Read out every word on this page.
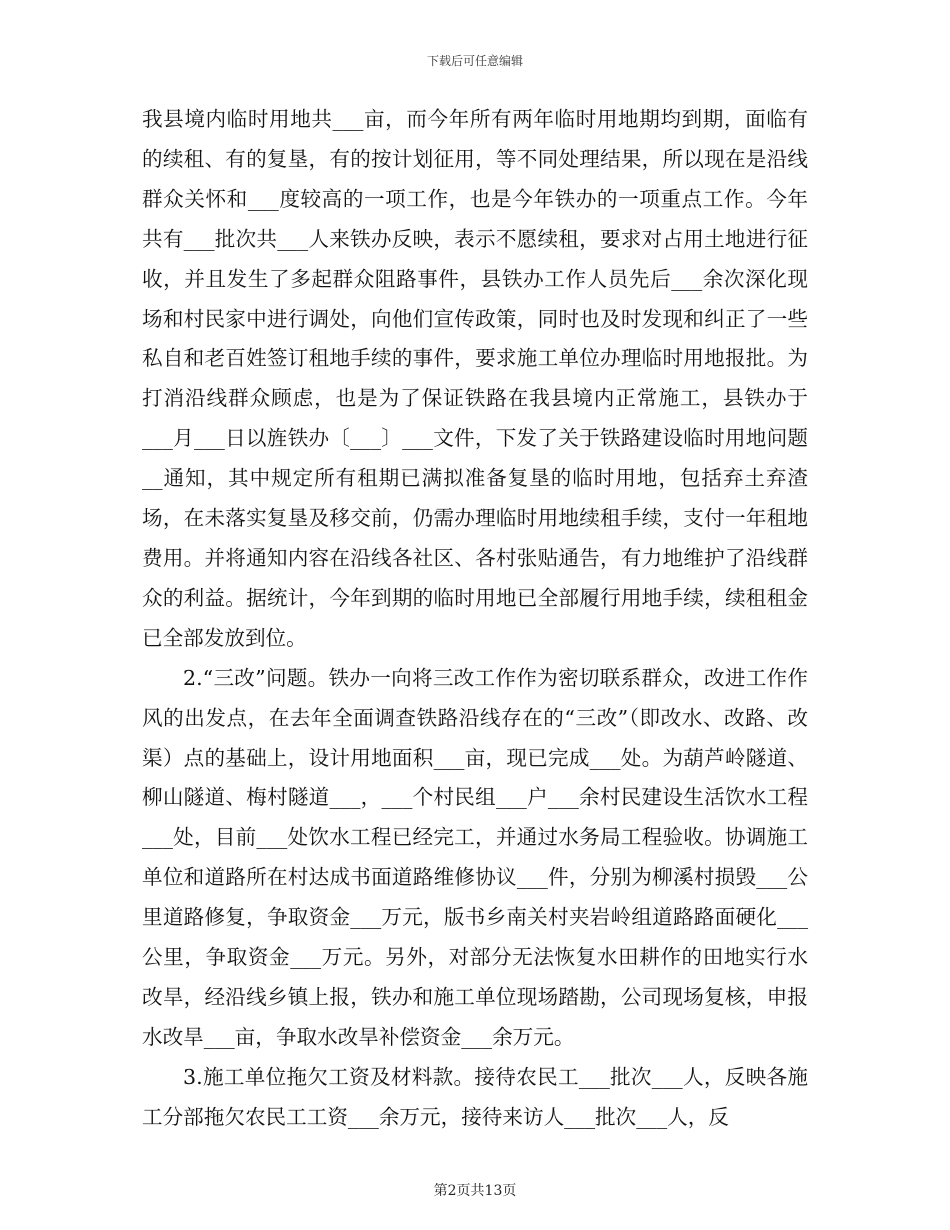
下载后可任意编辑

我县境内临时用地共___亩，而今年所有两年临时用地期均到期，面临有的续租、有的复垦，有的按计划征用，等不同处理结果，所以现在是沿线群众关怀和___度较高的一项工作，也是今年铁办的一项重点工作。今年共有___批次共___人来铁办反映，表示不愿续租，要求对占用土地进行征收，并且发生了多起群众阻路事件，县铁办工作人员先后___余次深化现场和村民家中进行调处，向他们宣传政策，同时也及时发现和纠正了一些私自和老百姓签订租地手续的事件，要求施工单位办理临时用地报批。为打消沿线群众顾虑，也是为了保证铁路在我县境内正常施工，县铁办于___月___日以旌铁办〔___〕___文件，下发了关于铁路建设临时用地问题__通知，其中规定所有租期已满拟准备复垦的临时用地，包括弃土弃渣场，在未落实复垦及移交前，仍需办理临时用地续租手续，支付一年租地费用。并将通知内容在沿线各社区、各村张贴通告，有力地维护了沿线群众的利益。据统计，今年到期的临时用地已全部履行用地手续，续租租金已全部发放到位。

2.“三改”问题。铁办一向将三改工作作为密切联系群众，改进工作作风的出发点，在去年全面调查铁路沿线存在的“三改”（即改水、改路、改渠）点的基础上，设计用地面积___亩，现已完成___处。为葫芦岭隧道、柳山隧道、梅村隧道___，___个村民组___户___余村民建设生活饮水工程___处，目前___处饮水工程已经完工，并通过水务局工程验收。协调施工单位和道路所在村达成书面道路维修协议___件，分别为柳溪村损毁___公里道路修复，争取资金___万元，版书乡南关村夹岩岭组道路路面硬化___公里，争取资金___万元。另外，对部分无法恢复水田耕作的田地实行水改旱，经沿线乡镇上报，铁办和施工单位现场踏勘，公司现场复核，申报水改旱___亩，争取水改旱补偿资金___余万元。

3.施工单位拖欠工资及材料款。接待农民工___批次___人，反映各施工分部拖欠农民工工资___余万元，接待来访人___批次___人，反

第2页共13页
